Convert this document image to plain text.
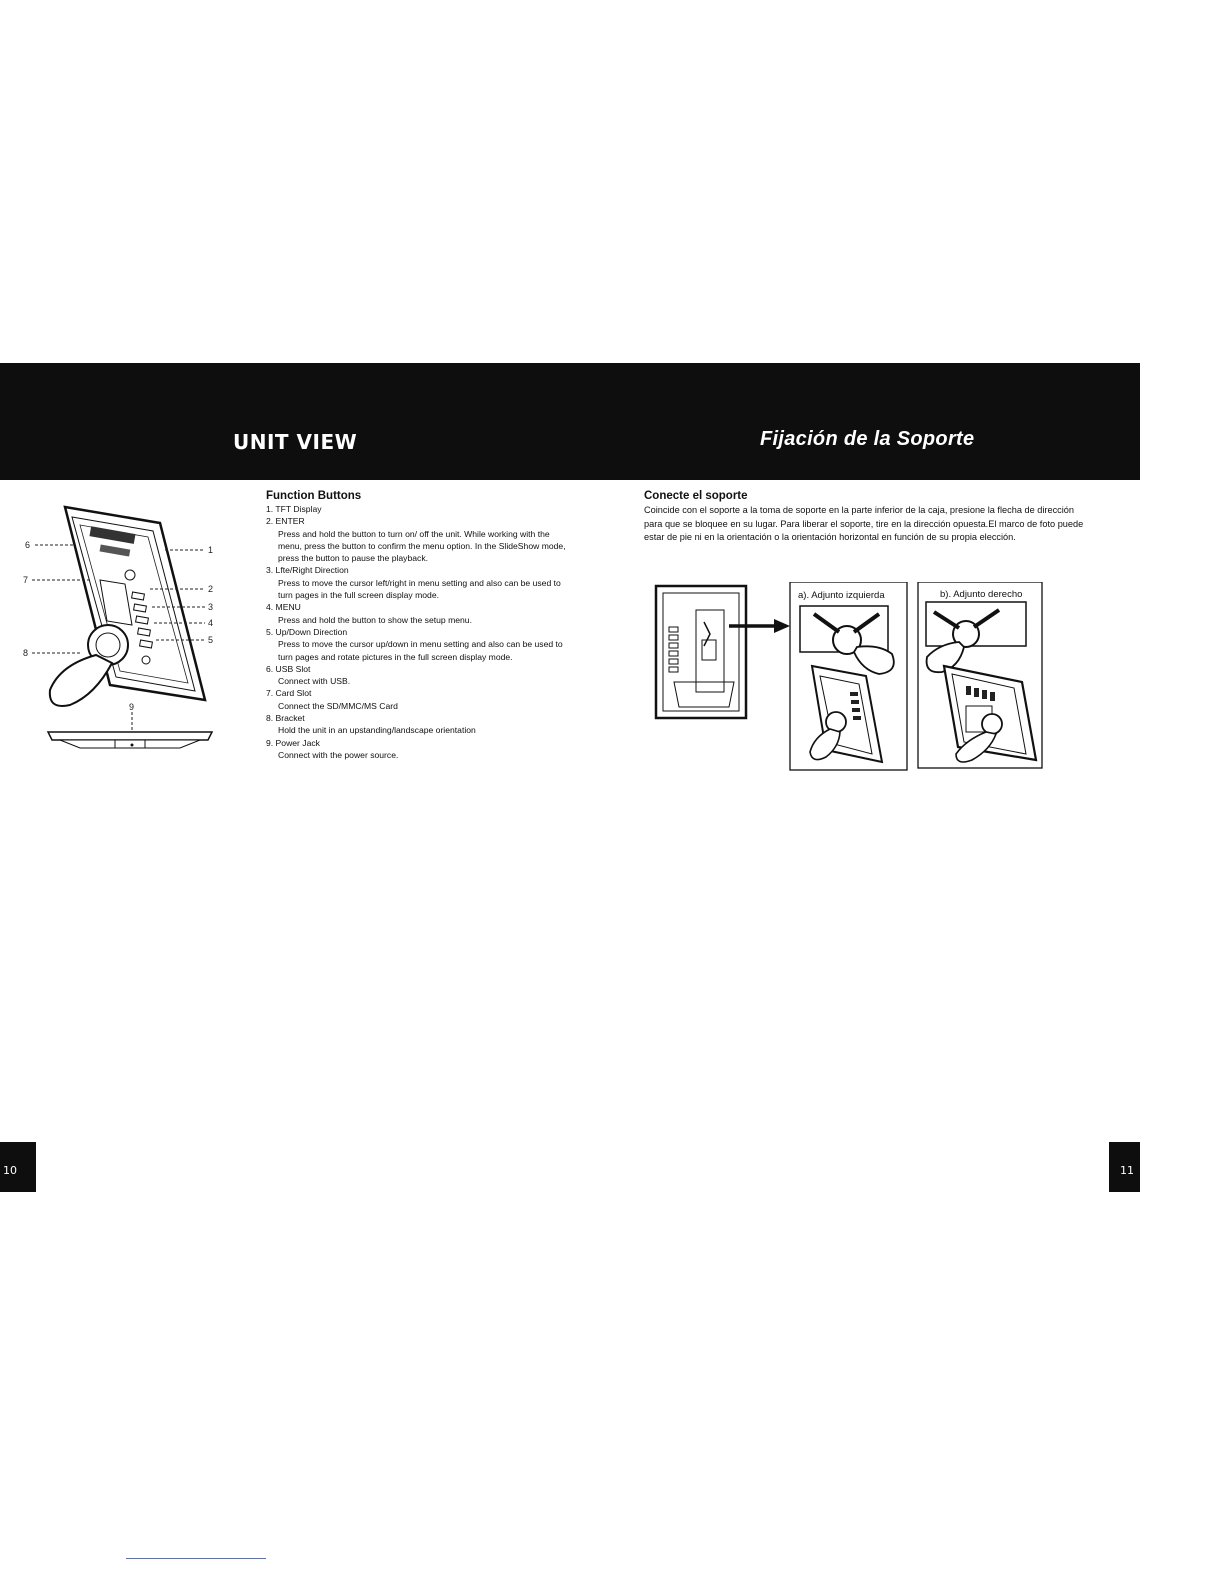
UNIT VIEW	Fijación de la Soporte
6	1
7
2
3
4
5
8
9
Function Buttons
1. TFT Display
2. ENTER
Press and hold the button to turn on/ off the unit. While working with the menu, press the button to confirm the menu option. In the SlideShow mode, press the button to pause the playback.
3. Lfte/Right Direction
Press to move the cursor left/right in menu setting and also can be used to turn pages in the full screen display mode.
4. MENU
Press and hold the button to show the setup menu.
5. Up/Down Direction
Press to move the cursor up/down in menu setting and also can be used to turn pages and rotate pictures in the full screen display mode.
6. USB Slot
Connect with USB.
7. Card Slot
Connect the SD/MMC/MS Card
8. Bracket
Hold the unit in an upstanding/landscape orientation
9. Power Jack
Connect with the power source.
Conecte el soporte

Coincide con el soporte a la toma de soporte en la parte inferior de la caja, presione la flecha de dirección para que se bloquee en su lugar. Para liberar el soporte, tire en la dirección opuesta.El marco de foto puede estar de pie ni en la orientación o la orientación horizontal en función de su propia elección.

a). Adjunto izquierda	b). Adjunto derecho
10	11
